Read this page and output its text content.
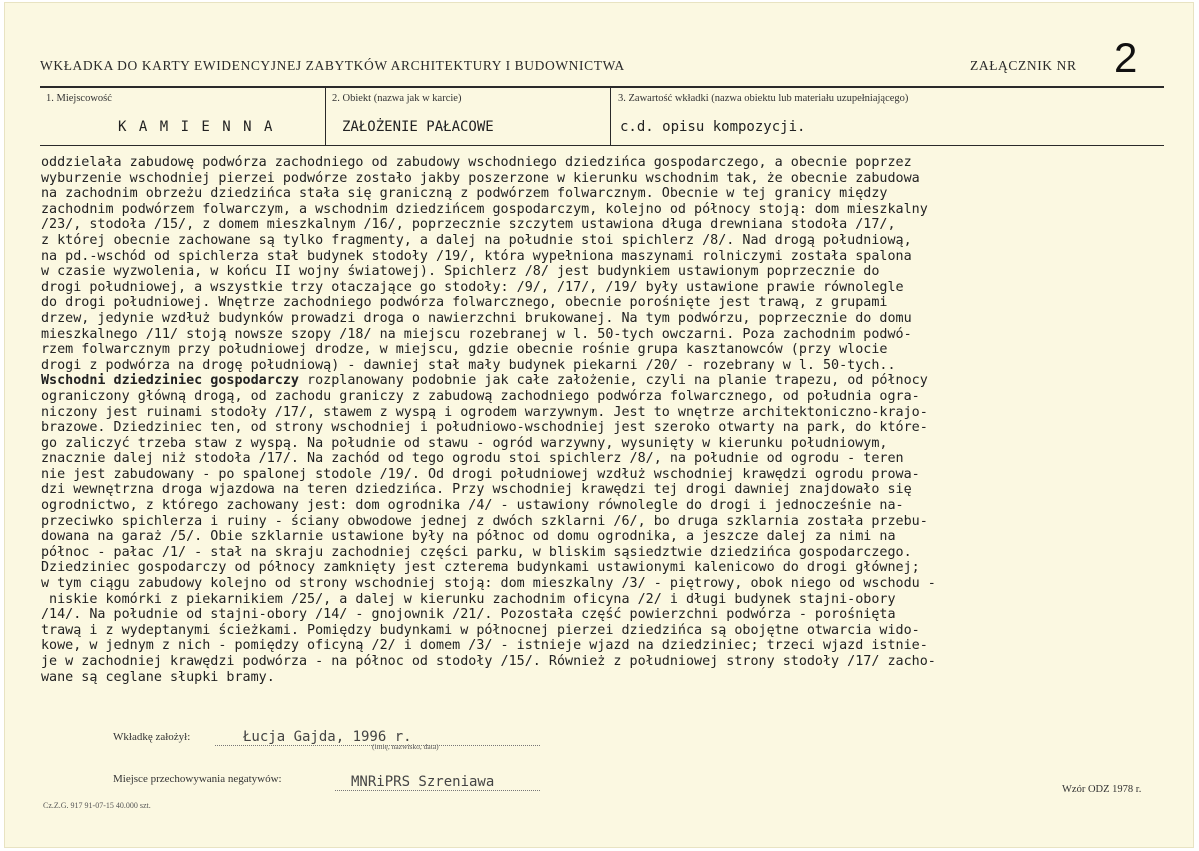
WKŁADKA DO KARTY EWIDENCYJNEJ ZABYTKÓW ARCHITEKTURY I BUDOWNICTWA	ZAŁĄCZNIK NR 2
1. Miejscowość	2. Obiekt (nazwa jak w karcie)	3. Zawartość wkładki (nazwa obiektu lub materiału uzupełniającego)
K A M I E N N A	ZAŁOŻENIE PAŁACOWE	c.d. opisu kompozycji.

oddzielała zabudowę podwórza zachodniego od zabudowy wschodniego dziedzińca gospodarczego, a obecnie poprzez

wyburzenie wschodniej pierzei podwórze zostało jakby poszerzone w kierunku wschodnim tak, że obecnie zabudowa

na zachodnim obrzeżu dziedzińca stała się graniczną z podwórzem folwarcznym. Obecnie w tej granicy między

zachodnim podwórzem folwarczym, a wschodnim dziedzińcem gospodarczym, kolejno od północy stoją: dom mieszkalny

/23/, stodoła /15/, z domem mieszkalnym /16/, poprzecznie szczytem ustawiona długa drewniana stodoła /17/,

z której obecnie zachowane są tylko fragmenty, a dalej na południe stoi spichlerz /8/. Nad drogą południową,

na pd.-wschód od spichlerza stał budynek stodoły /19/, która wypełniona maszynami rolniczymi została spalona

w czasie wyzwolenia, w końcu II wojny światowej). Spichlerz /8/ jest budynkiem ustawionym poprzecznie do

drogi południowej, a wszystkie trzy otaczające go stodoły: /9/, /17/, /19/ były ustawione prawie równolegle

do drogi południowej. Wnętrze zachodniego podwórza folwarcznego, obecnie porośnięte jest trawą, z grupami

drzew, jedynie wzdłuż budynków prowadzi droga o nawierzchni brukowanej. Na tym podwórzu, poprzecznie do domu

mieszkalnego /11/ stoją nowsze szopy /18/ na miejscu rozebranej w l. 50-tych owczarni. Poza zachodnim podwó-

rzem folwarcznym przy południowej drodze, w miejscu, gdzie obecnie rośnie grupa kasztanowców (przy wlocie

drogi z podwórza na drogę południową) - dawniej stał mały budynek piekarni /20/ - rozebrany w l. 50-tych..

Wschodni dziedziniec gospodarczy rozplanowany podobnie jak całe założenie, czyli na planie trapezu, od północy

ograniczony główną drogą, od zachodu graniczy z zabudową zachodniego podwórza folwarcznego, od południa ogra-

niczony jest ruinami stodoły /17/, stawem z wyspą i ogrodem warzywnym. Jest to wnętrze architektoniczno-krajo-

brazowe. Dziedziniec ten, od strony wschodniej i południowo-wschodniej jest szeroko otwarty na park, do które-

go zaliczyć trzeba staw z wyspą. Na południe od stawu - ogród warzywny, wysunięty w kierunku południowym,

znacznie dalej niż stodoła /17/. Na zachód od tego ogrodu stoi spichlerz /8/, na południe od ogrodu - teren

nie jest zabudowany - po spalonej stodole /19/. Od drogi południowej wzdłuż wschodniej krawędzi ogrodu prowa-

dzi wewnętrzna droga wjazdowa na teren dziedzińca. Przy wschodniej krawędzi tej drogi dawniej znajdowało się

ogrodnictwo, z którego zachowany jest: dom ogrodnika /4/ - ustawiony równolegle do drogi i jednocześnie na-

przeciwko spichlerza i ruiny - ściany obwodowe jednej z dwóch szklarni /6/, bo druga szklarnia została przebu-

dowana na garaż /5/. Obie szklarnie ustawione były na północ od domu ogrodnika, a jeszcze dalej za nimi na

północ - pałac /1/ - stał na skraju zachodniej części parku, w bliskim sąsiedztwie dziedzińca gospodarczego.

Dziedziniec gospodarczy od północy zamknięty jest czterema budynkami ustawionymi kalenicowo do drogi głównej;

w tym ciągu zabudowy kolejno od strony wschodniej stoją: dom mieszkalny /3/ - piętrowy, obok niego od wschodu -

niskie komórki z piekarnikiem /25/, a dalej w kierunku zachodnim oficyna /2/ i długi budynek stajni-obory

/14/. Na południe od stajni-obory /14/ - gnojownik /21/. Pozostała część powierzchni podwórza - porośnięta

trawą i z wydeptanymi ścieżkami. Pomiędzy budynkami w północnej pierzei dziedzińca są obojętne otwarcia wido-

kowe, w jednym z nich - pomiędzy oficyną /2/ i domem /3/ - istnieje wjazd na dziedziniec; trzeci wjazd istnie-

je w zachodniej krawędzi podwórza - na północ od stodoły /15/. Również z południowej strony stodoły /17/ zacho-

wane są ceglane słupki bramy.

Wkładkę założył:	Łucja Gajda, 1996 r.
(imię, nazwisko, data)
Miejsce przechowywania negatywów:	MNRiPRS Szreniawa
Cz.Z.G. 917 91-07-15 40.000 szt.
Wzór ODZ 1978 r.
